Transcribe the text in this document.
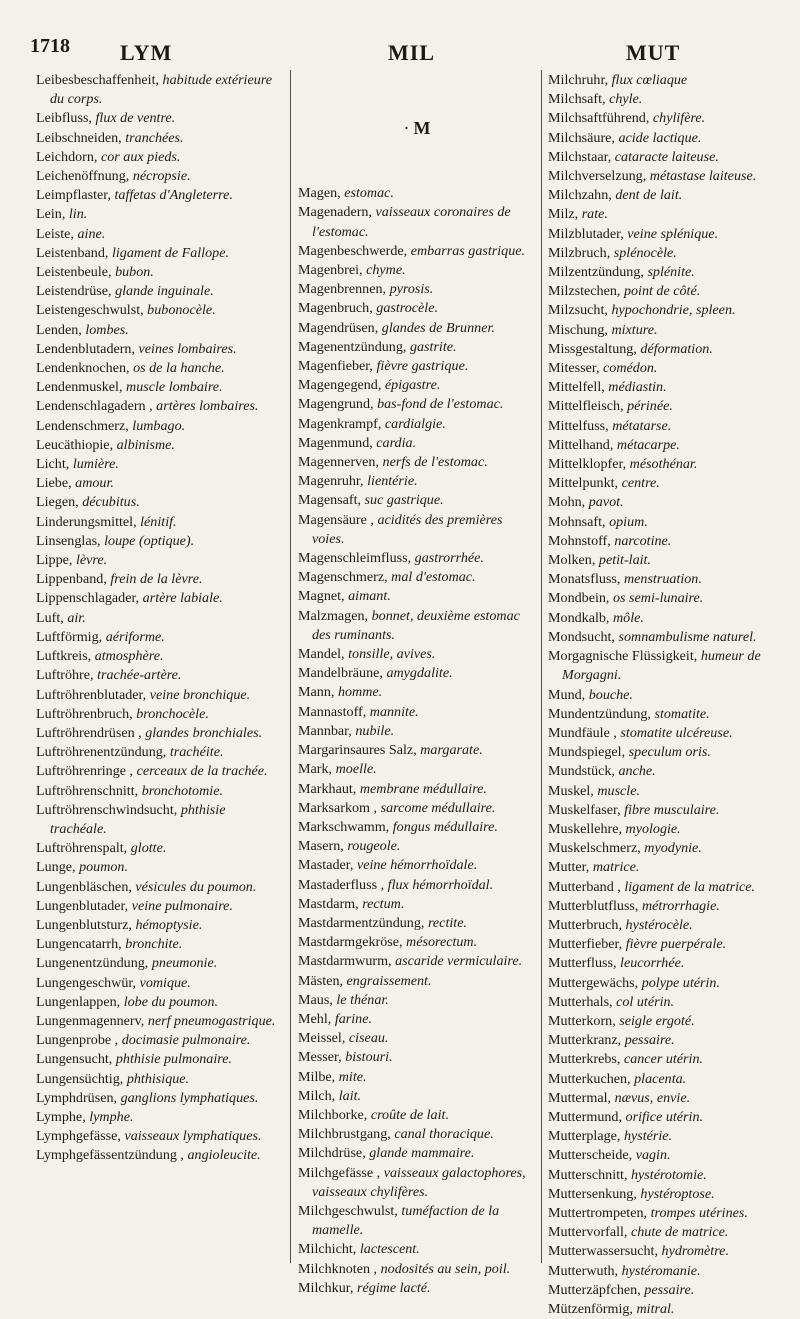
1718 LYM	MIL	MUT

Leibesbeschaffenheit, habitude extérieure du corps.

Leibfluss, flux de ventre.

Leibschneiden, tranchées.

Leichdorn, cor aux pieds.

Leichenöffnung, nécropsie.

Leimpflaster, taffetas d'Angleterre.

Lein, lin.

Leiste, aine.

Leistenband, ligament de Fallope.

Leistenbeule, bubon.

Leistendrüse, glande inguinale.

Leistengeschwulst, bubonocèle.

Lenden, lombes.

Lendenblutadern, veines lombaires.

Lendenknochen, os de la hanche.

Lendenmuskel, muscle lombaire.

Lendenschlagadern , artères lombaires.

Lendenschmerz, lumbago.

Leucäthiopie, albinisme.

Licht, lumière.

Liebe, amour.

Liegen, décubitus.

Linderungsmittel, lénitif.

Linsenglas, loupe (optique).

Lippe, lèvre.

Lippenband, frein de la lèvre.

Lippenschlagader, artère labiale.

Luft, air.

Luftförmig, aériforme.

Luftkreis, atmosphère.

Luftröhre, trachée-artère.

Luftröhrenblutader, veine bronchique.

Luftröhrenbruch, bronchocèle.

Luftröhrendrüsen , glandes bronchiales.

Luftröhrenentzündung, trachéite.

Luftröhrenringe , cerceaux de la trachée.

Luftröhrenschnitt, bronchotomie.

Luftröhrenschwindsucht, phthisie trachéale.

Luftröhrenspalt, glotte.

Lunge, poumon.

Lungenbläschen, vésicules du poumon.

Lungenblutader, veine pulmonaire.

Lungenblutsturz, hémoptysie.

Lungencatarrh, bronchite.

Lungenentzündung, pneumonie.

Lungengeschwür, vomique.

Lungenlappen, lobe du poumon.

Lungenmagennerv, nerf pneumogastrique.

Lungenprobe , docimasie pulmonaire.

Lungensucht, phthisie pulmonaire.

Lungensüchtig, phthisique.

Lymphdrüsen, ganglions lymphatiques.

Lymphe, lymphe.

Lymphgefässe, vaisseaux lymphatiques.

Lymphgefässentzündung , angioleucite.

· M

Magen, estomac.

Magenadern, vaisseaux coronaires de l'estomac.

Magenbeschwerde, embarras gastrique.

Magenbrei, chyme.

Magenbrennen, pyrosis.

Magenbruch, gastrocèle.

Magendrüsen, glandes de Brunner.

Magenentzündung, gastrite.

Magenfieber, fièvre gastrique.

Magengegend, épigastre.

Magengrund, bas-fond de l'estomac.

Magenkrampf, cardialgie.

Magenmund, cardia.

Magennerven, nerfs de l'estomac.

Magenruhr, lientérie.

Magensaft, suc gastrique.

Magensäure , acidités des premières voies.

Magenschleimfluss, gastrorrhée.

Magenschmerz, mal d'estomac.

Magnet, aimant.

Malzmagen, bonnet, deuxième estomac des ruminants.

Mandel, tonsille, avives.

Mandelbräune, amygdalite.

Mann, homme.

Mannastoff, mannite.

Mannbar, nubile.

Margarinsaures Salz, margarate.

Mark, moelle.

Markhaut, membrane médullaire.

Marksarkom , sarcome médullaire.

Markschwamm, fongus médullaire.

Masern, rougeole.

Mastader, veine hémorrhoïdale.

Mastaderfluss , flux hémorrhoïdal.

Mastdarm, rectum.

Mastdarmentzündung, rectite.

Mastdarmgekröse, mésorectum.

Mastdarmwurm, ascaride vermiculaire.

Mästen, engraissement.

Maus, le thénar.

Mehl, farine.

Meissel, ciseau.

Messer, bistouri.

Milbe, mite.

Milch, lait.

Milchborke, croûte de lait.

Milchbrustgang, canal thoracique.

Milchdrüse, glande mammaire.

Milchgefässe , vaisseaux galactophores, vaisseaux chylifères.

Milchgeschwulst, tuméfaction de la mamelle.

Milchicht, lactescent.

Milchknoten , nodosités au sein, poil.

Milchkur, régime lacté.

Milchruhr, flux cœliaque

Milchsaft, chyle.

Milchsaftführend, chylifère.

Milchsäure, acide lactique.

Milchstaar, cataracte laiteuse.

Milchverselzung, métastase laiteuse.

Milchzahn, dent de lait.

Milz, rate.

Milzblutader, veine splénique.

Milzbruch, splénocèle.

Milzentzündung, splénite.

Milzstechen, point de côté.

Milzsucht, hypochondrie, spleen.

Mischung, mixture.

Missgestaltung, déformation.

Mitesser, comédon.

Mittelfell, médiastin.

Mittelfleisch, périnée.

Mittelfuss, métatarse.

Mittelhand, métacarpe.

Mittelklopfer, mésothénar.

Mittelpunkt, centre.

Mohn, pavot.

Mohnsaft, opium.

Mohnstoff, narcotine.

Molken, petit-lait.

Monatsfluss, menstruation.

Mondbein, os semi-lunaire.

Mondkalb, môle.

Mondsucht, somnambulisme naturel.

Morgagnische Flüssigkeit, humeur de Morgagni.

Mund, bouche.

Mundentzündung, stomatite.

Mundfäule , stomatite ulcéreuse.

Mundspiegel, speculum oris.

Mundstück, anche.

Muskel, muscle.

Muskelfaser, fibre musculaire.

Muskellehre, myologie.

Muskelschmerz, myodynie.

Mutter, matrice.

Mutterband , ligament de la matrice.

Mutterblutfluss, métrorrhagie.

Mutterbruch, hystérocèle.

Mutterfieber, fièvre puerpérale.

Mutterfluss, leucorrhée.

Muttergewächs, polype utérin.

Mutterhals, col utérin.

Mutterkorn, seigle ergoté.

Mutterkranz, pessaire.

Mutterkrebs, cancer utérin.

Mutterkuchen, placenta.

Muttermal, nævus, envie.

Muttermund, orifice utérin.

Mutterplage, hystérie.

Mutterscheide, vagin.

Mutterschnitt, hystérotomie.

Muttersenkung, hystéroptose.

Muttertrompeten, trompes utérines.

Muttervorfall, chute de matrice.

Mutterwassersucht, hydromètre.

Mutterwuth, hystéromanie.

Mutterzäpfchen, pessaire.

Mützenförmig, mitral.
